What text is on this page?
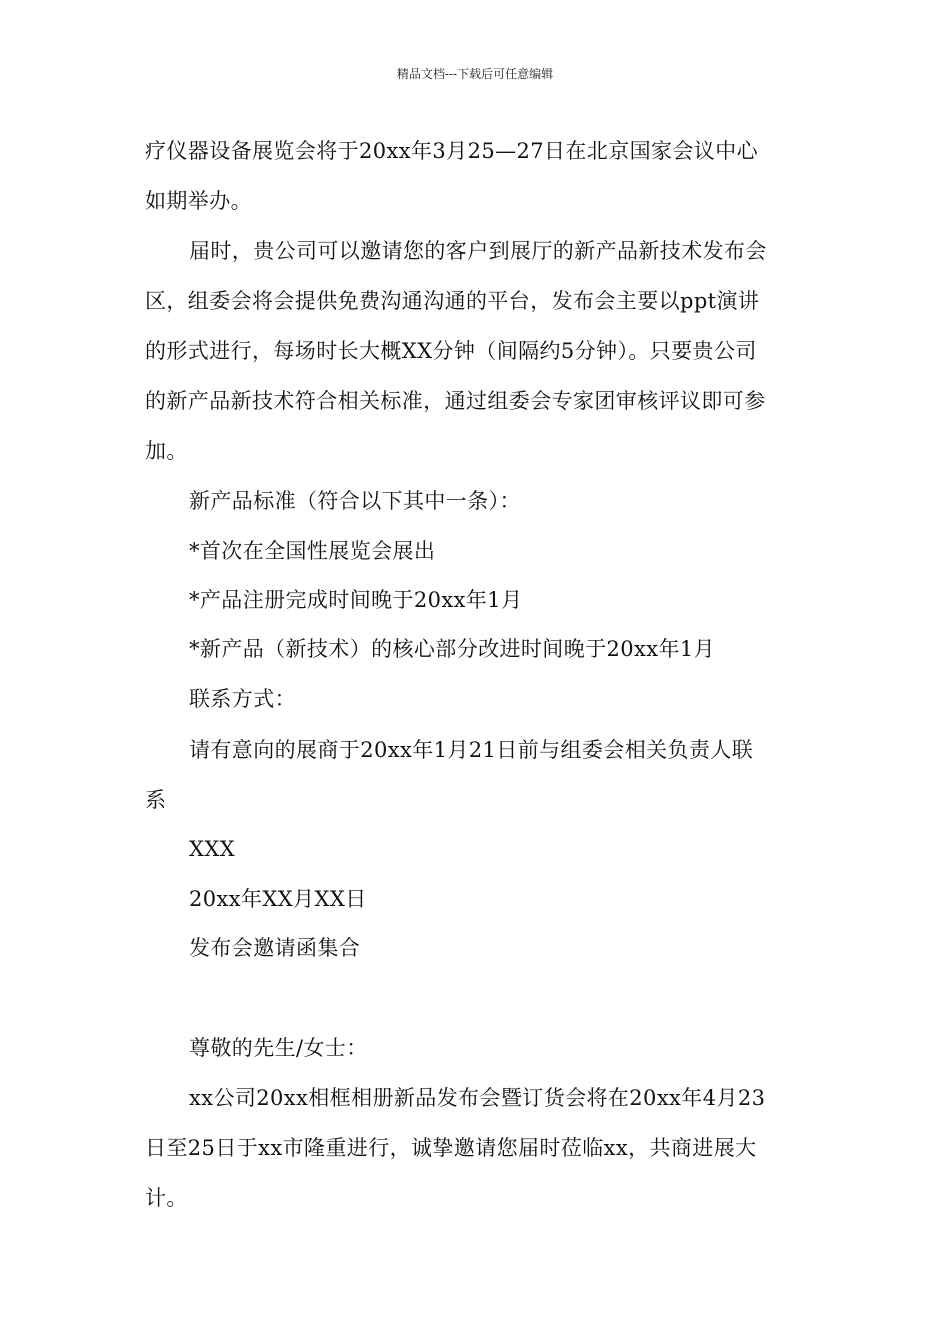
精品文档---下载后可任意编辑
疗仪器设备展览会将于20xx年3月25—27日在北京国家会议中心
如期举办。
届时，贵公司可以邀请您的客户到展厅的新产品新技术发布会
区，组委会将会提供免费沟通沟通的平台，发布会主要以ppt演讲
的形式进行，每场时长大概XX分钟（间隔约5分钟）。只要贵公司
的新产品新技术符合相关标准，通过组委会专家团审核评议即可参
加。
新产品标准（符合以下其中一条）：
*首次在全国性展览会展出
*产品注册完成时间晚于20xx年1月
*新产品（新技术）的核心部分改进时间晚于20xx年1月
联系方式：
请有意向的展商于20xx年1月21日前与组委会相关负责人联
系
XXX
20xx年XX月XX日
发布会邀请函集合
尊敬的先生/女士：
xx公司20xx相框相册新品发布会暨订货会将在20xx年4月23
日至25日于xx市隆重进行，诚挚邀请您届时莅临xx，共商进展大
计。
